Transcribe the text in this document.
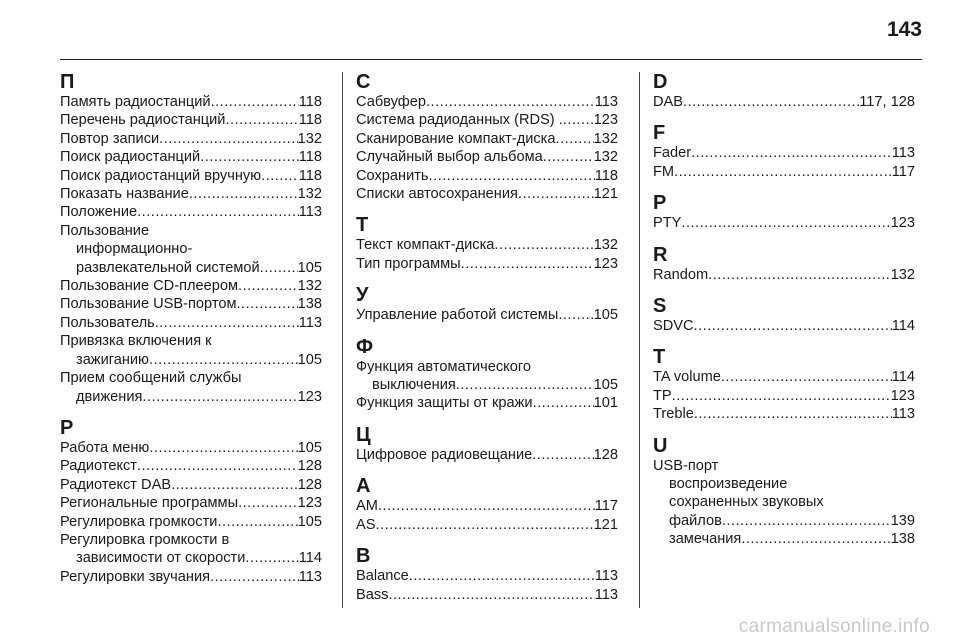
143
П
Память радиостанций .....	118
Перечень радиостанций .....	118
Повтор записи .....	132
Поиск радиостанций .....	118
Поиск радиостанций вручную .....	118
Показать название .....	132
Положение .....	113
Пользование
информационно-
развлекательной системой .....	105
Пользование CD-плеером .....	132
Пользование USB-портом .....	138
Пользователь .....	113
Привязка включения к
зажиганию .....	105
Прием сообщений службы
движения .....	123
Р
Работа меню .....	105
Радиотекст .....	128
Радиотекст DAB .....	128
Региональные программы .....	123
Регулировка громкости .....	105
Регулировка громкости в
зависимости от скорости .....	114
Регулировки звучания .....	113
С
Сабвуфер .....	113
Система радиоданных (RDS) . ..... 123
Сканирование компакт-диска .....	132
Случайный выбор альбома .....	132
Сохранить .....	118
Списки автосохранения .....	121
Т
Текст компакт-диска .....	132
Тип программы .....	123
У
Управление работой системы ..... 105
Ф
Функция автоматического
выключения .....	105
Функция защиты от кражи .....	101
Ц
Цифровое радиовещание .....	128
A
AM .....	117
AS .....	121
B
Balance .....	113
Bass .....	113
D
DAB .....	117, 128
F
Fader .....	113
FM .....	117
P
PTY .....	123
R
Random .....	132
S
SDVC .....	114
T
TA volume .....	114
TP .....	123
Treble .....	113
U
USB-порт
воспроизведение
сохраненных звуковых
файлов .....	139
замечания .....	138
carmanualsonline.info
